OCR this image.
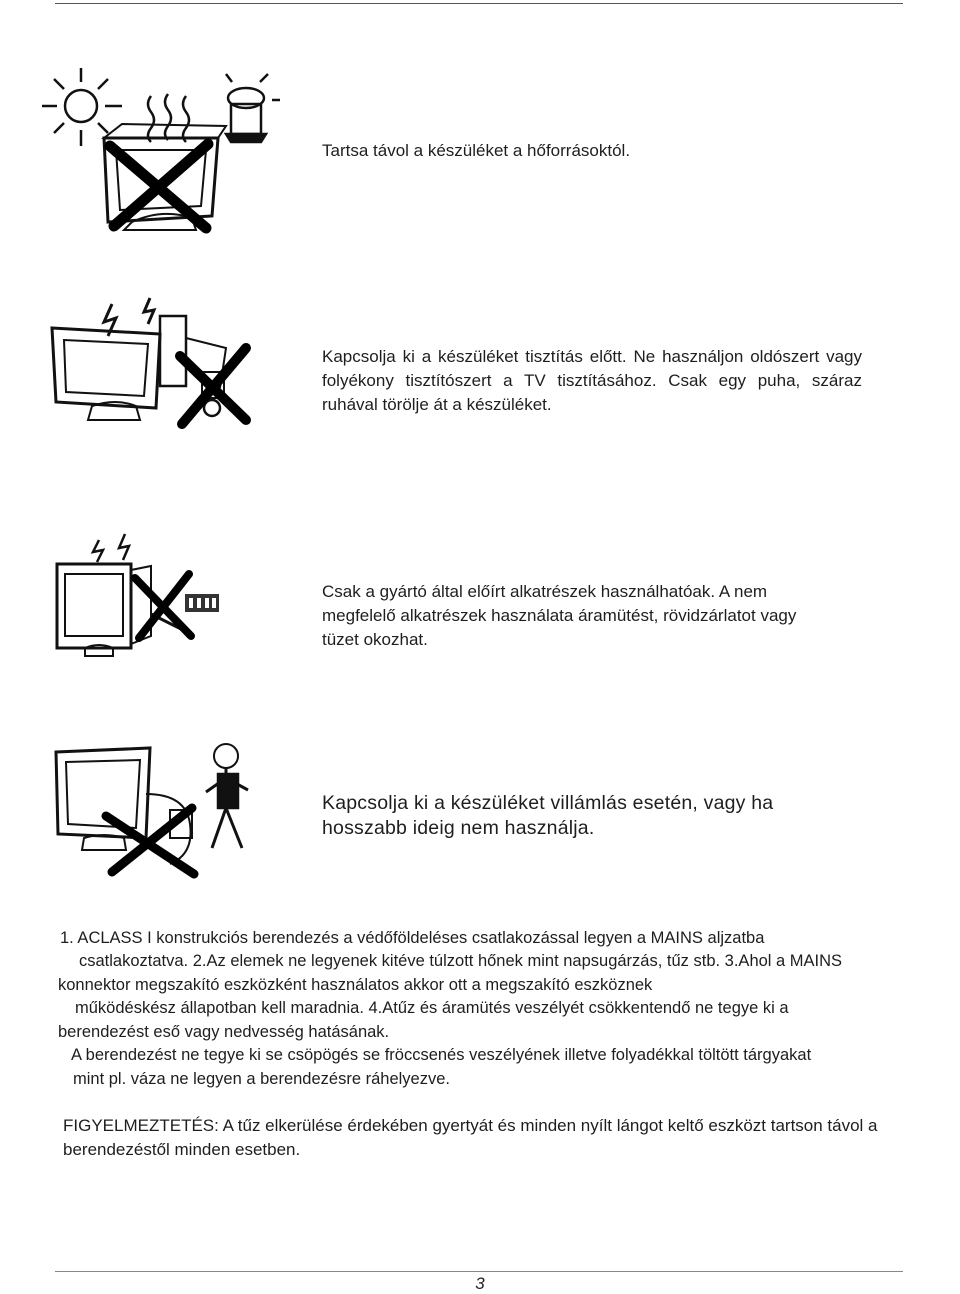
Tartsa távol a készüléket a hőforrásoktól.
Kapcsolja ki a készüléket tisztítás előtt. Ne használjon oldószert vagy folyékony tisztítószert a TV tisztításához. Csak egy puha, száraz ruhával törölje át a készüléket.
Csak a gyártó által előírt alkatrészek használhatóak. A nem megfelelő alkatrészek használata áramütést, rövidzárlatot vagy tüzet okozhat.
Kapcsolja ki a készüléket villámlás esetén, vagy ha hosszabb ideig nem használja.

1. ACLASS I konstrukciós berendezés a védőföldeléses csatlakozással legyen a MAINS aljzatba

csatlakoztatva. 2.Az elemek ne legyenek kitéve túlzott hőnek mint napsugárzás, tűz stb. 3.Ahol a MAINS

konnektor megszakító eszközként használatos akkor ott a megszakító eszköznek

működéskész állapotban kell maradnia. 4.Atűz és áramütés veszélyét csökkentendő ne tegye ki a

berendezést eső vagy nedvesség hatásának.

A berendezést ne tegye ki se csöpögés se fröccsenés veszélyének illetve folyadékkal töltött tárgyakat

mint pl. váza ne legyen a berendezésre ráhelyezve.

FIGYELMEZTETÉS: A tűz elkerülése érdekében gyertyát és minden nyílt lángot keltő eszközt tartson távol a

berendezéstől minden esetben.

3
